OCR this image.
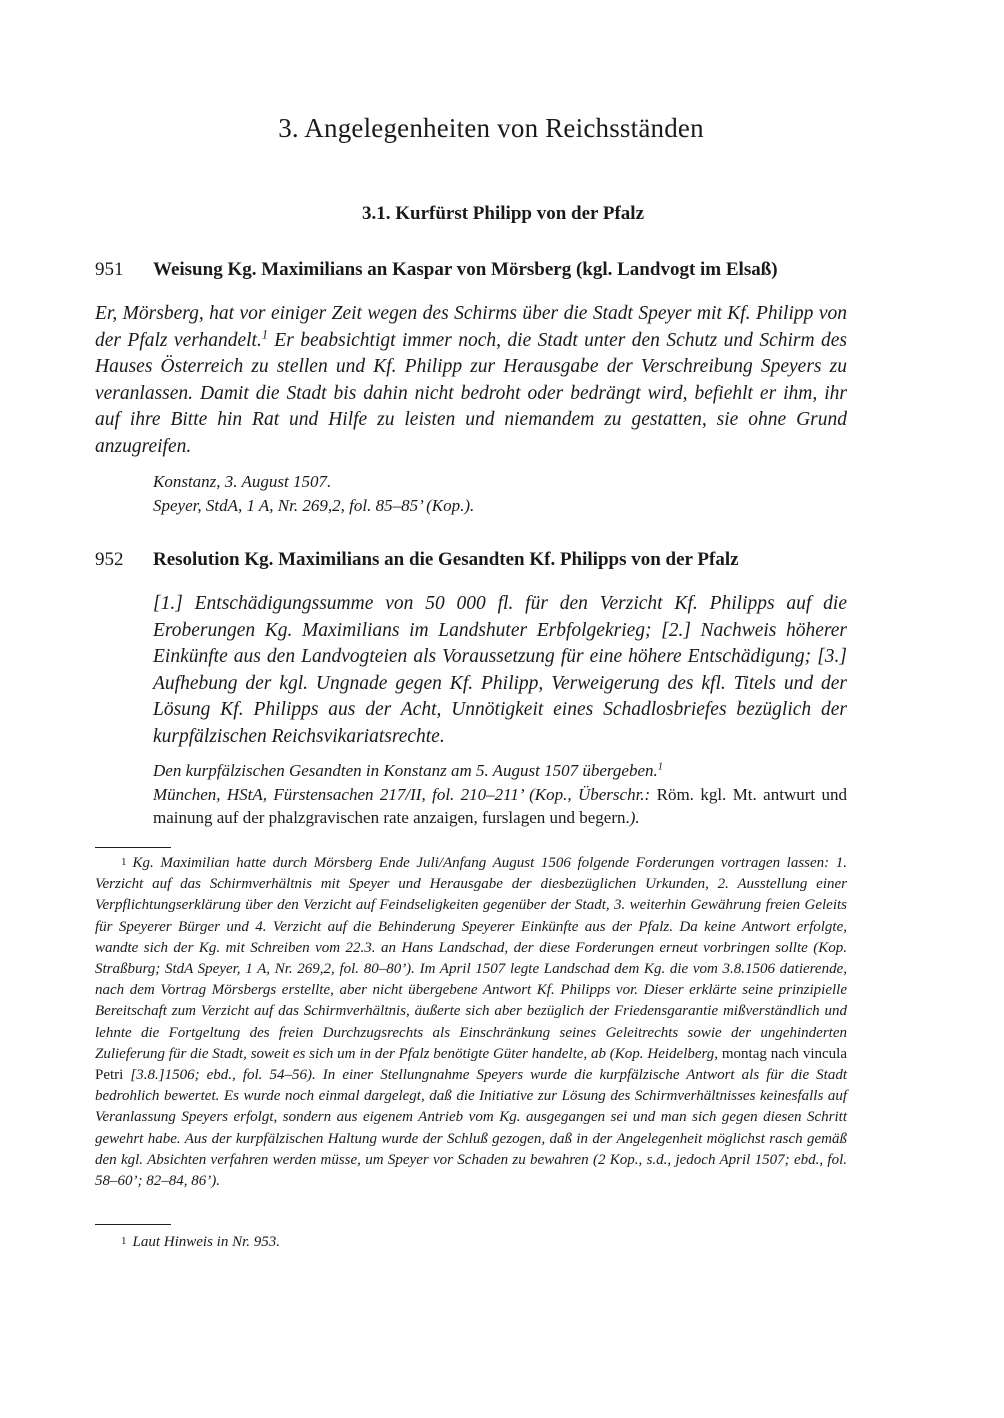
3. Angelegenheiten von Reichsständen
3.1. Kurfürst Philipp von der Pfalz
951 Weisung Kg. Maximilians an Kaspar von Mörsberg (kgl. Landvogt im Elsaß)

Er, Mörsberg, hat vor einiger Zeit wegen des Schirms über die Stadt Speyer mit Kf. Philipp von der Pfalz verhandelt.$^1$ Er beabsichtigt immer noch, die Stadt unter den Schutz und Schirm des Hauses Österreich zu stellen und Kf. Philipp zur Herausgabe der Verschreibung Speyers zu veranlassen. Damit die Stadt bis dahin nicht bedroht oder bedrängt wird, befiehlt er ihm, ihr auf ihre Bitte hin Rat und Hilfe zu leisten und niemandem zu gestatten, sie ohne Grund anzugreifen.

Konstanz, 3. August 1507.
Speyer, StdA, 1 A, Nr. 269,2, fol. 85–85’ (Kop.).
952 Resolution Kg. Maximilians an die Gesandten Kf. Philipps von der Pfalz

[1.] Entschädigungssumme von 50 000 fl. für den Verzicht Kf. Philipps auf die Eroberungen Kg. Maximilians im Landshuter Erbfolgekrieg; [2.] Nachweis höherer Einkünfte aus den Landvogteien als Voraussetzung für eine höhere Entschädigung; [3.] Aufhebung der kgl. Ungnade gegen Kf. Philipp, Verweigerung des kfl. Titels und der Lösung Kf. Philipps aus der Acht, Unnötigkeit eines Schadlosbriefes bezüglich der kurpfälzischen Reichsvikariatsrechte.

Den kurpfälzischen Gesandten in Konstanz am 5. August 1507 übergeben.$^1$
München, HStA, Fürstensachen 217/II, fol. 210–211’ (Kop., Überschr.: Röm. kgl. Mt. antwurt und mainung auf der phalzgravischen rate anzaigen, furslagen und begern.).

1 Kg. Maximilian hatte durch Mörsberg Ende Juli/Anfang August 1506 folgende Forderungen vortragen lassen: 1. Verzicht auf das Schirmverhältnis mit Speyer und Herausgabe der diesbezüglichen Urkunden, 2. Ausstellung einer Verpflichtungserklärung über den Verzicht auf Feindseligkeiten gegenüber der Stadt, 3. weiterhin Gewährung freien Geleits für Speyerer Bürger und 4. Verzicht auf die Behinderung Speyerer Einkünfte aus der Pfalz. Da keine Antwort erfolgte, wandte sich der Kg. mit Schreiben vom 22.3. an Hans Landschad, der diese Forderungen erneut vorbringen sollte (Kop. Straßburg; StdA Speyer, 1 A, Nr. 269,2, fol. 80–80’). Im April 1507 legte Landschad dem Kg. die vom 3.8.1506 datierende, nach dem Vortrag Mörsbergs erstellte, aber nicht übergebene Antwort Kf. Philipps vor. Dieser erklärte seine prinzipielle Bereitschaft zum Verzicht auf das Schirmverhältnis, äußerte sich aber bezüglich der Friedensgarantie mißverständlich und lehnte die Fortgeltung des freien Durchzugsrechts als Einschränkung seines Geleitrechts sowie der ungehinderten Zulieferung für die Stadt, soweit es sich um in der Pfalz benötigte Güter handelte, ab (Kop. Heidelberg, montag nach vincula Petri [3.8.]1506; ebd., fol. 54–56). In einer Stellungnahme Speyers wurde die kurpfälzische Antwort als für die Stadt bedrohlich bewertet. Es wurde noch einmal dargelegt, daß die Initiative zur Lösung des Schirmverhältnisses keinesfalls auf Veranlassung Speyers erfolgt, sondern aus eigenem Antrieb vom Kg. ausgegangen sei und man sich gegen diesen Schritt gewehrt habe. Aus der kurpfälzischen Haltung wurde der Schluß gezogen, daß in der Angelegenheit möglichst rasch gemäß den kgl. Absichten verfahren werden müsse, um Speyer vor Schaden zu bewahren (2 Kop., s.d., jedoch April 1507; ebd., fol. 58–60’; 82–84, 86’).

1 Laut Hinweis in Nr. 953.
